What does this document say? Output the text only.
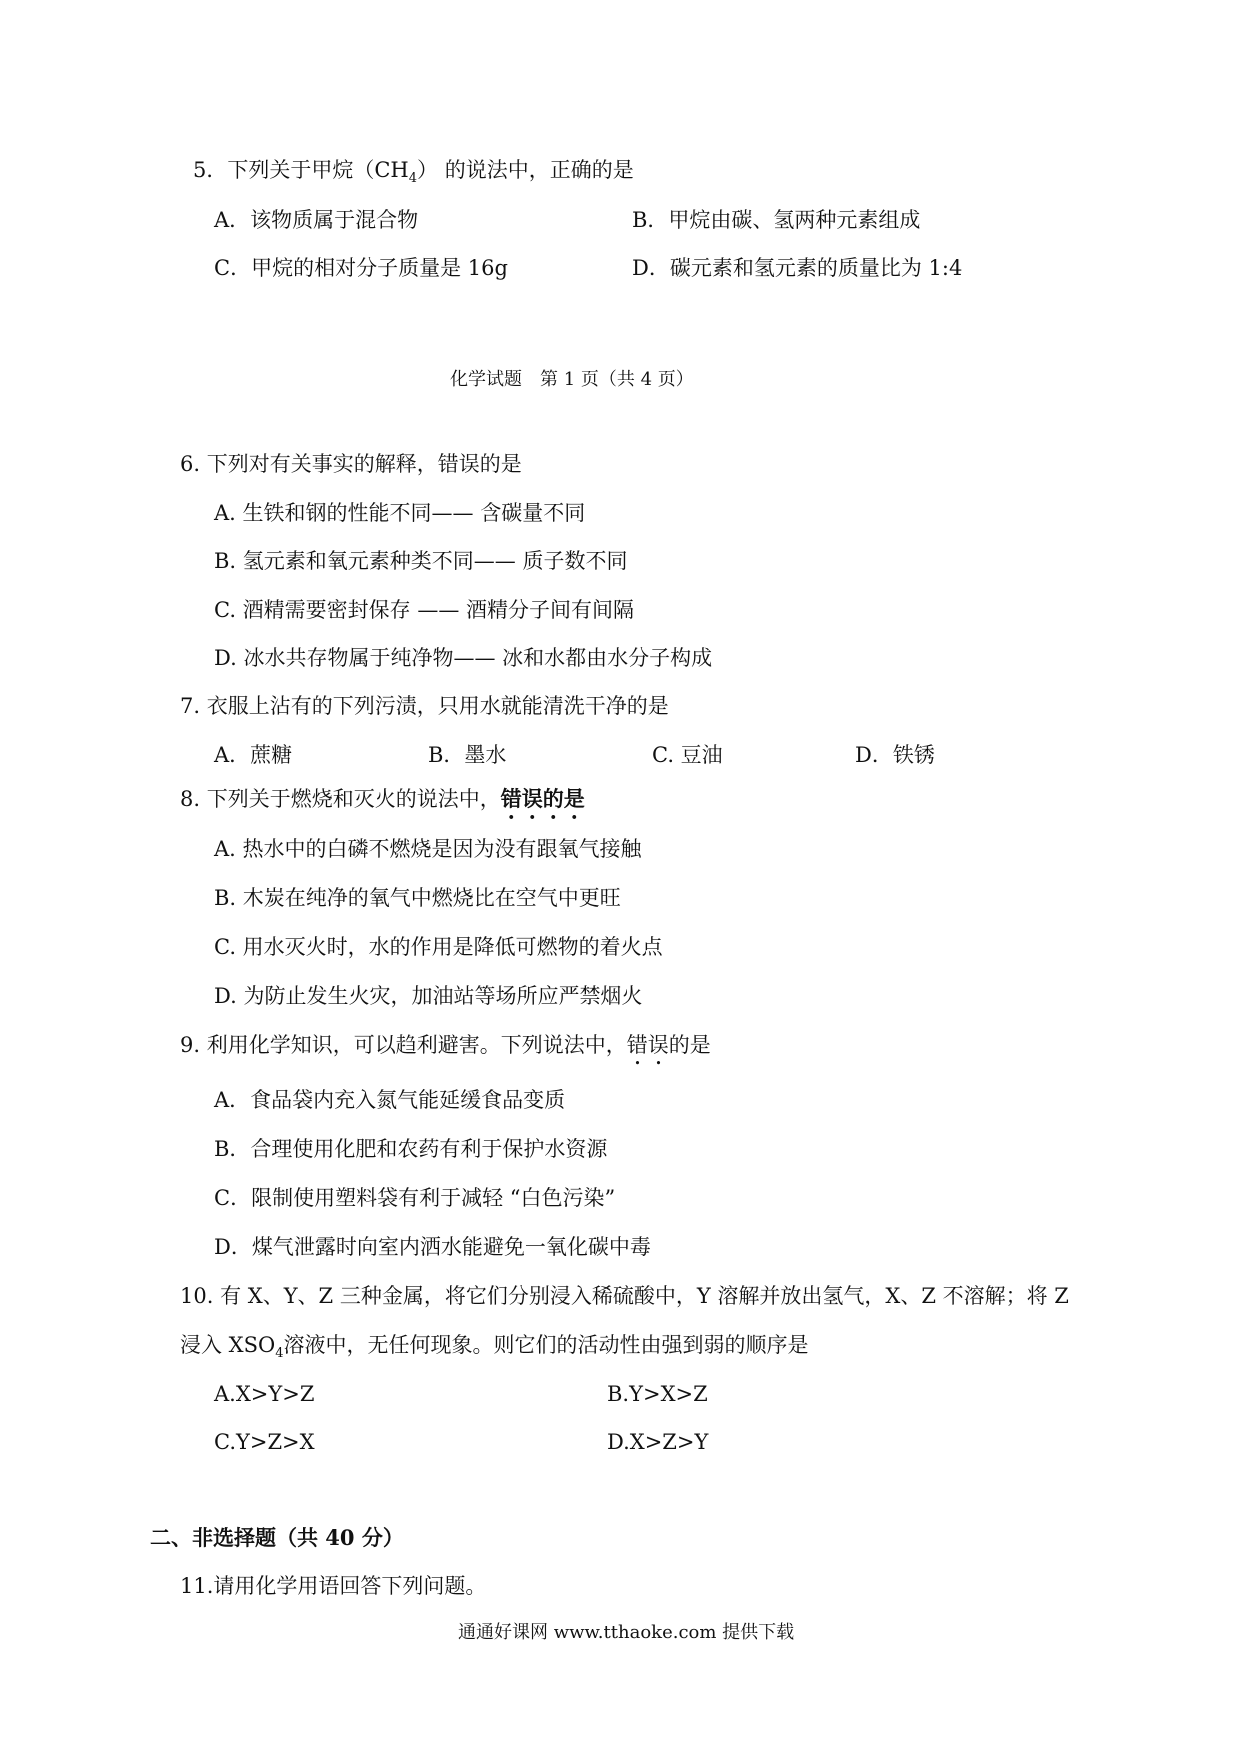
5．下列关于甲烷$(CH_4)$ 的说法中，正确的是
A．该物质属于混合物	B．甲烷由碳、氢两种元素组成
C．甲烷的相对分子质量是 16g	D．碳元素和氢元素的质量比为 1:4
化学试题　第 1 页（共 4 页）
6. 下列对有关事实的解释，错误的是
A. 生铁和钢的性能不同—— 含碳量不同
B. 氢元素和氧元素种类不同—— 质子数不同
C. 酒精需要密封保存 —— 酒精分子间有间隔
D. 冰水共存物属于纯净物—— 冰和水都由水分子构成
7. 衣服上沾有的下列污渍，只用水就能清洗干净的是
A．蔗糖	B．墨水	C. 豆油	D．铁锈
8. 下列关于燃烧和灭火的说法中，错误的是
A. 热水中的白磷不燃烧是因为没有跟氧气接触
B. 木炭在纯净的氧气中燃烧比在空气中更旺
C. 用水灭火时，水的作用是降低可燃物的着火点
D. 为防止发生火灾，加油站等场所应严禁烟火
9. 利用化学知识，可以趋利避害。下列说法中，错误的是
A．食品袋内充入氮气能延缓食品变质
B．合理使用化肥和农药有利于保护水资源
C．限制使用塑料袋有利于减轻 “白色污染”
D．煤气泄露时向室内洒水能避免一氧化碳中毒
10. 有 X、Y、Z 三种金属，将它们分别浸入稀硫酸中，Y 溶解并放出氢气，X、Z 不溶解；将 Z
浸入 $XSO_4$溶液中，无任何现象。则它们的活动性由强到弱的顺序是
A.X>Y>Z	B.Y>X>Z
C.Y>Z>X	D.X>Z>Y
二、非选择题（共 40 分）
11.请用化学用语回答下列问题。
通通好课网 www.tthaoke.com 提供下载
